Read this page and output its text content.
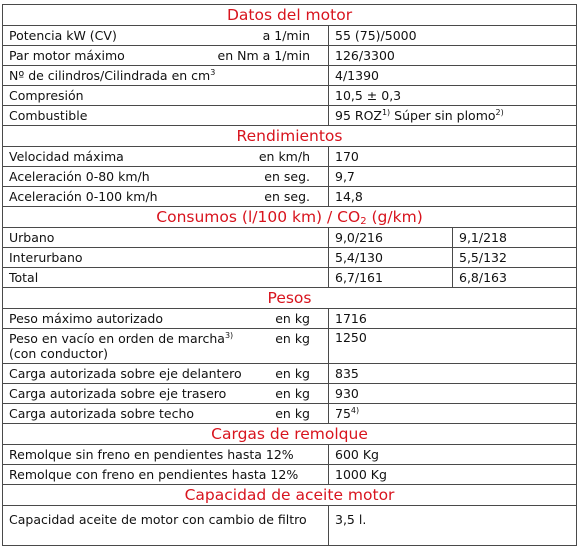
Datos del motor		

Potencia kW (CV) a 1/min	55 (75)/5000	

Par motor máximo en Nm a 1/min	126/3300	
Nº de cilindros/Cilindrada en $cm^3$	4/1390	
Compresión	10,5 ± 0,3	
Combustible	95 ROZ$^{1)}$ Súper sin plomo$^{2)}$
Rendimientos		

Velocidad máxima en km/h	170	

Aceleración 0-80 km/h en seg.	9,7	

Aceleración 0-100 km/h en seg.	14,8	
Consumos (l/100 $km) / CO_2$ (g/km)		
Urbano	9,0/216	9,1/218
Interurbano	5,4/130	5,5/132
Total	6,7/161	6,8/163
Pesos		

Peso máximo autorizado en kg	1716	

Peso en vacío en orden de marcha$^{3)}$
(con conductor)
en kg	1250	

Carga autorizada sobre eje delantero en kg	835	

Carga autorizada sobre eje trasero en kg	930	

Carga autorizada sobre techo en kg	75$^{4)}$
Cargas de remolque		
Remolque sin freno en pendientes hasta 12%	600 Kg	
Remolque con freno en pendientes hasta 12%	1000 Kg	
Capacidad de aceite motor		
Capacidad aceite de motor con cambio de filtro	3,5 l.	
